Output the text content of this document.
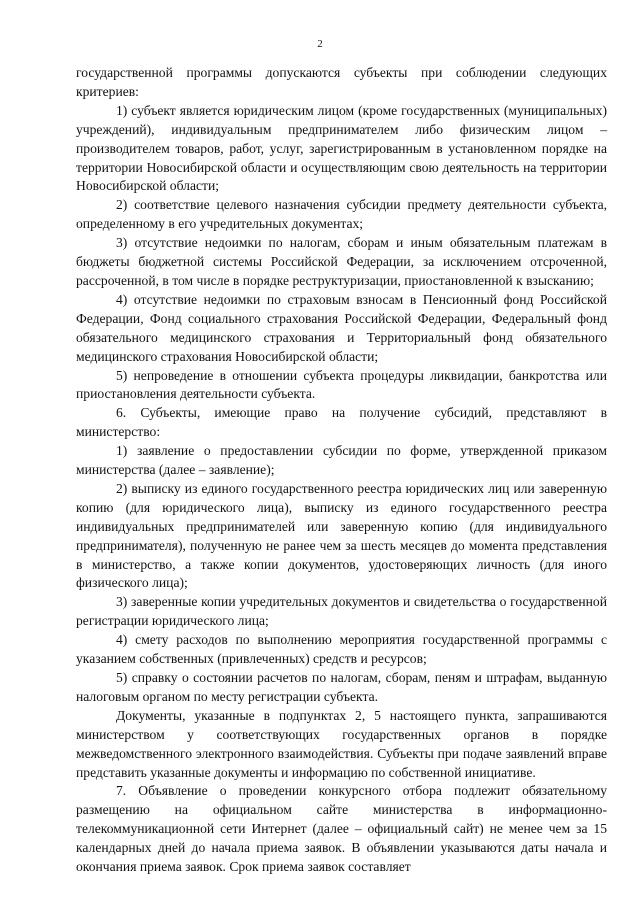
2

государственной программы допускаются субъекты при соблюдении следующих критериев:

1) субъект является юридическим лицом (кроме государственных (муниципальных) учреждений), индивидуальным предпринимателем либо физическим лицом – производителем товаров, работ, услуг, зарегистрированным в установленном порядке на территории Новосибирской области и осуществляющим свою деятельность на территории Новосибирской области;

2) соответствие целевого назначения субсидии предмету деятельности субъекта, определенному в его учредительных документах;

3) отсутствие недоимки по налогам, сборам и иным обязательным платежам в бюджеты бюджетной системы Российской Федерации, за исключением отсроченной, рассроченной, в том числе в порядке реструктуризации, приостановленной к взысканию;

4) отсутствие недоимки по страховым взносам в Пенсионный фонд Российской Федерации, Фонд социального страхования Российской Федерации, Федеральный фонд обязательного медицинского страхования и Территориальный фонд обязательного медицинского страхования Новосибирской области;

5) непроведение в отношении субъекта процедуры ликвидации, банкротства или приостановления деятельности субъекта.

6. Субъекты, имеющие право на получение субсидий, представляют в министерство:

1) заявление о предоставлении субсидии по форме, утвержденной приказом министерства (далее – заявление);

2) выписку из единого государственного реестра юридических лиц или заверенную копию (для юридического лица), выписку из единого государственного реестра индивидуальных предпринимателей или заверенную копию (для индивидуального предпринимателя), полученную не ранее чем за шесть месяцев до момента представления в министерство, а также копии документов, удостоверяющих личность (для иного физического лица);

3) заверенные копии учредительных документов и свидетельства о государственной регистрации юридического лица;

4) смету расходов по выполнению мероприятия государственной программы с указанием собственных (привлеченных) средств и ресурсов;

5) справку о состоянии расчетов по налогам, сборам, пеням и штрафам, выданную налоговым органом по месту регистрации субъекта.

Документы, указанные в подпунктах 2, 5 настоящего пункта, запрашиваются министерством у соответствующих государственных органов в порядке межведомственного электронного взаимодействия. Субъекты при подаче заявлений вправе представить указанные документы и информацию по собственной инициативе.

7. Объявление о проведении конкурсного отбора подлежит обязательному размещению на официальном сайте министерства в информационно-телекоммуникационной сети Интернет (далее – официальный сайт) не менее чем за 15 календарных дней до начала приема заявок. В объявлении указываются даты начала и окончания приема заявок. Срок приема заявок составляет
